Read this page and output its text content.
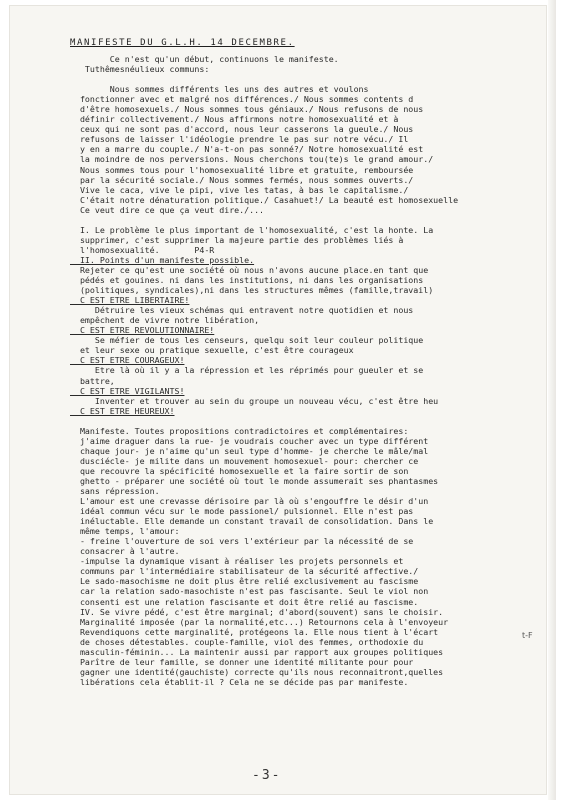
MANIFESTE DU G.L.H. 14 DECEMBRE.
Ce n'est qu'un début, continuons le manifeste.
Tuthêmesnéulieux communs:
Nous sommes différents les uns des autres et voulons
fonctionner avec et malgré nos différences./ Nous sommes contents d
d'être homosexuels./ Nous sommes tous géniaux./ Nous refusons de nous
définir collectivement./ Nous affirmons notre homosexualité et à
ceux qui ne sont pas d'accord, nous leur casserons la gueule./ Nous
refusons de laisser l'idéologie prendre le pas sur notre vécu./ Il
y en a marre du couple./ N'a-t-on pas sonné?/ Notre homosexualité est
la moindre de nos perversions. Nous cherchons tou(te)s le grand amour./
Nous sommes tous pour l'homosexualité libre et gratuite, remboursée
par la sécurité sociale./ Nous sommes fermés, nous sommes ouverts./
Vive le caca, vive le pipi, vive les tatas, à bas le capitalisme./
C'était notre dénaturation politique./ Casahuet!/ La beauté est homosexuelle
Ce veut dire ce que ça veut dire./...
I. Le problème le plus important de l'homosexualité, c'est la honte. La
supprimer, c'est supprimer la majeure partie des problèmes liés à
l'homosexualité.       P4-R
II. Points d'un manifeste possible.
Rejeter ce qu'est une société où nous n'avons aucune place.en tant que
pédés et gouines. ni dans les institutions, ni dans les organisations
(politiques, syndicales),ni dans les structures mêmes (famille,travail)
C EST ETRE LIBERTAIRE!
Détruire les vieux schémas qui entravent notre quotidien et nous
empêchent de vivre notre libération,
C EST ETRE REVOLUTIONNAIRE!
Se méfier de tous les censeurs, quelqu soit leur couleur politique
et leur sexe ou pratique sexuelle, c'est être courageux
C EST ETRE COURAGEUX!
Etre là où il y a la répression et les réprimés pour gueuler et se
battre,
C EST ETRE VIGILANTS!
Inventer et trouver au sein du groupe un nouveau vécu, c'est être heu
C EST ETRE HEUREUX!
Manifeste. Toutes propositions contradictoires et complémentaires:
j'aime draguer dans la rue- je voudrais coucher avec un type différent
chaque jour- je n'aime qu'un seul type d'homme- je cherche le mâle/mal
dusciécle- je milite dans un mouvement homosexuel- pour: chercher ce
que recouvre la spécificité homosexuelle et la faire sortir de son
ghetto - préparer une société où tout le monde assumerait ses phantasmes
sans répression.
L'amour est une crevasse dérisoire par là où s'engouffre le désir d'un
idéal commun vécu sur le mode passionel/ pulsionnel. Elle n'est pas
inéluctable. Elle demande un constant travail de consolidation. Dans le
même temps, l'amour:
- freine l'ouverture de soi vers l'extérieur par la nécessité de se
consacrer à l'autre.
-impulse la dynamique visant à réaliser les projets personnels et
communs par l'intermédiaire stabilisateur de la sécurité affective./
Le sado-masochisme ne doit plus être relié exclusivement au fascisme
car la relation sado-masochiste n'est pas fascisante. Seul le viol non
consenti est une relation fascisante et doit être relié au fascisme.
IV. Se vivre pédé, c'est être marginal; d'abord(souvent) sans le choisir.
Marginalité imposée (par la normalité,etc...) Retournons cela à l'envoyeur
Revendiquons cette marginalité, protégeons la. Elle nous tient à l'écart
de choses détestables. couple-famille, viol des femmes, orthodoxie du
masculin-féminin... La maintenir aussi par rapport aux groupes politiques
Parître de leur famille, se donner une identité militante pour pour
gagner une identité(gauchiste) correcte qu'ils nous reconnaitront,quelles
libérations cela établit-il ? Cela ne se décide pas par manifeste.
t-F
-3-
